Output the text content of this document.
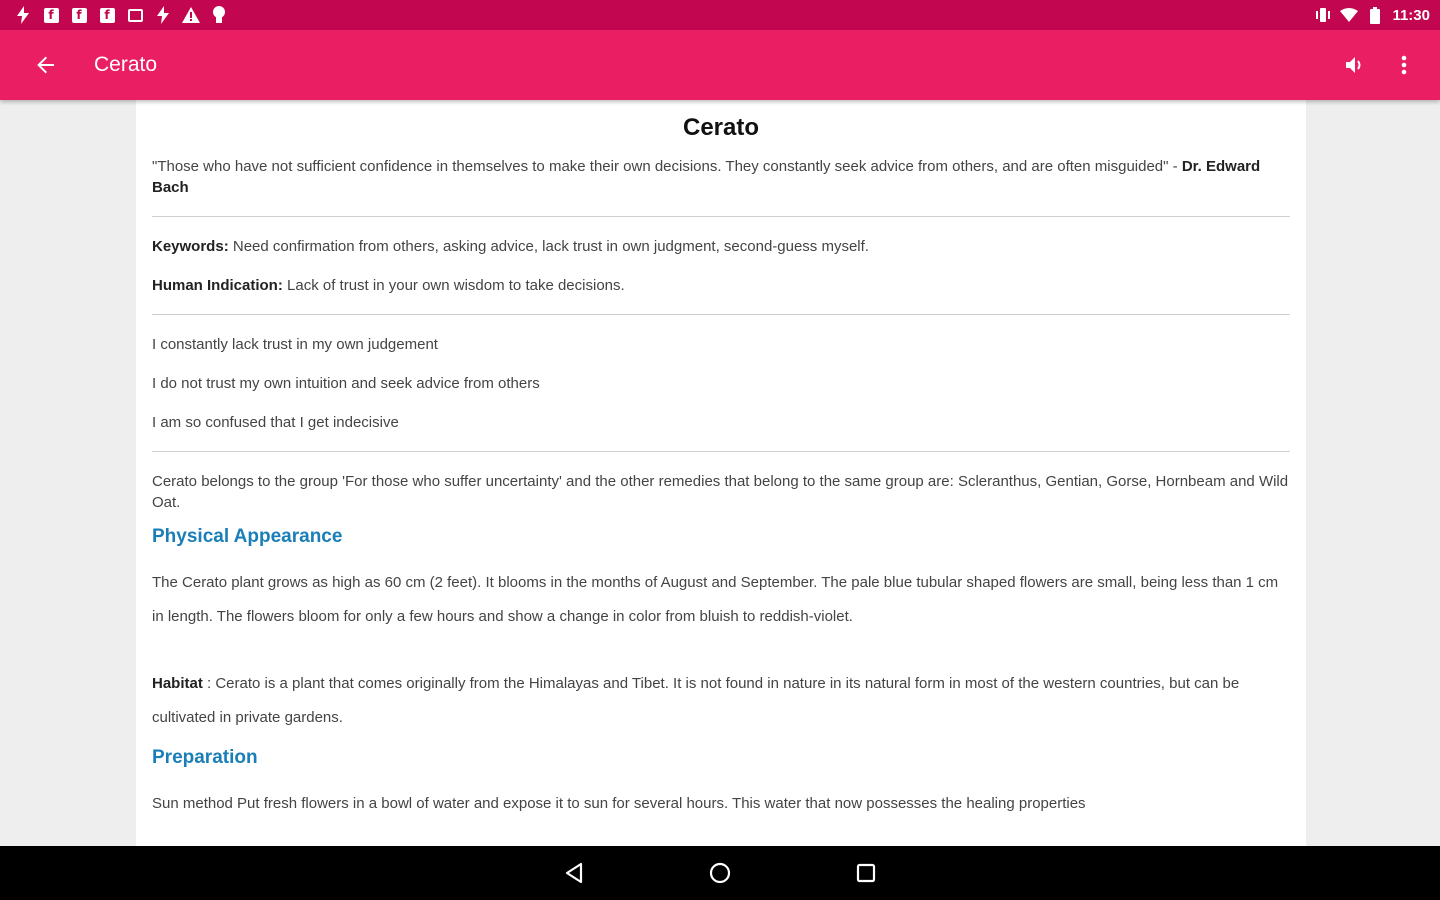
f	f	f	11:30
Cerato
Cerato

"Those who have not sufficient confidence in themselves to make their own decisions. They constantly seek advice from others, and are often misguided" - Dr. Edward Bach

Keywords: Need confirmation from others, asking advice, lack trust in own judgment, second-guess myself.

Human Indication: Lack of trust in your own wisdom to take decisions.

I constantly lack trust in my own judgement

I do not trust my own intuition and seek advice from others

I am so confused that I get indecisive

Cerato belongs to the group 'For those who suffer uncertainty' and the other remedies that belong to the same group are: Scleranthus, Gentian, Gorse, Hornbeam and Wild Oat.

Physical Appearance

The Cerato plant grows as high as 60 cm (2 feet). It blooms in the months of August and September. The pale blue tubular shaped flowers are small, being less than 1 cm in length. The flowers bloom for only a few hours and show a change in color from bluish to reddish-violet.

Habitat : Cerato is a plant that comes originally from the Himalayas and Tibet. It is not found in nature in its natural form in most of the western countries, but can be cultivated in private gardens.

Preparation

Sun method Put fresh flowers in a bowl of water and expose it to sun for several hours. This water that now possesses the healing properties
